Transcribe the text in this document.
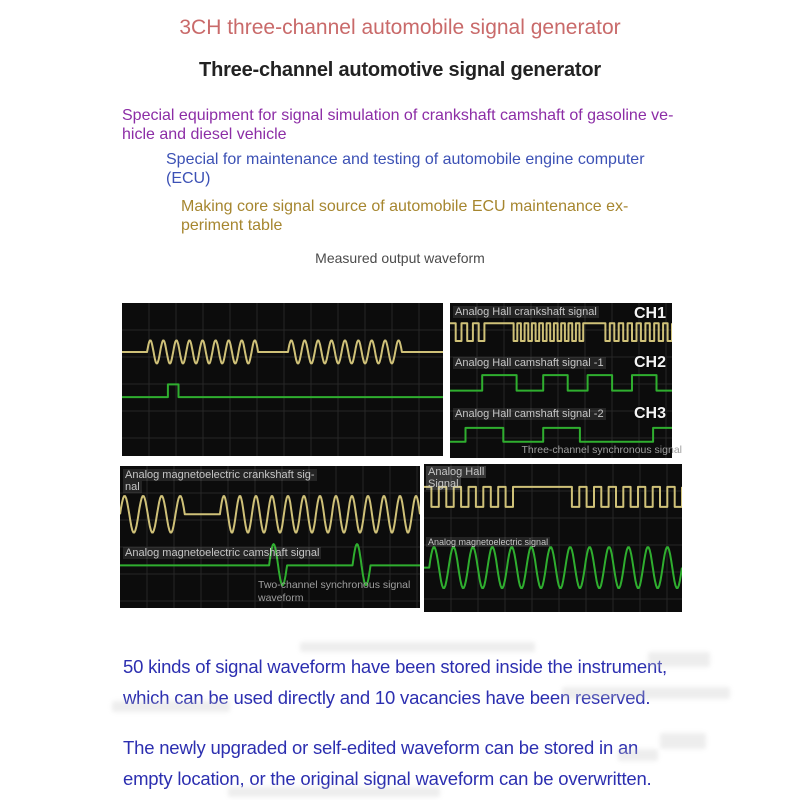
3CH three-channel automobile signal generator
Three-channel automotive signal generator

Special equipment for signal simulation of crankshaft camshaft of gasoline ve-
hicle and diesel vehicle

Special for maintenance and testing of automobile engine computer
(ECU)

Making core signal source of automobile ECU maintenance ex-
periment table

Measured output waveform

Analog Hall crankshaft signal CH1
Analog Hall camshaft signal -1 CH2
Analog Hall camshaft signal -2 CH3
Three-channel synchronous signal
Analog magnetoelectric crankshaft sig-
nal
Analog magnetoelectric camshaft signal
Two-channel synchronous signal
waveform
Analog Hall
Signal
Analog magnetoelectric signal

50 kinds of signal waveform have been stored inside the instrument,
which can be used directly and 10 vacancies have been reserved.

The newly upgraded or self-edited waveform can be stored in an
empty location, or the original signal waveform can be overwritten.
